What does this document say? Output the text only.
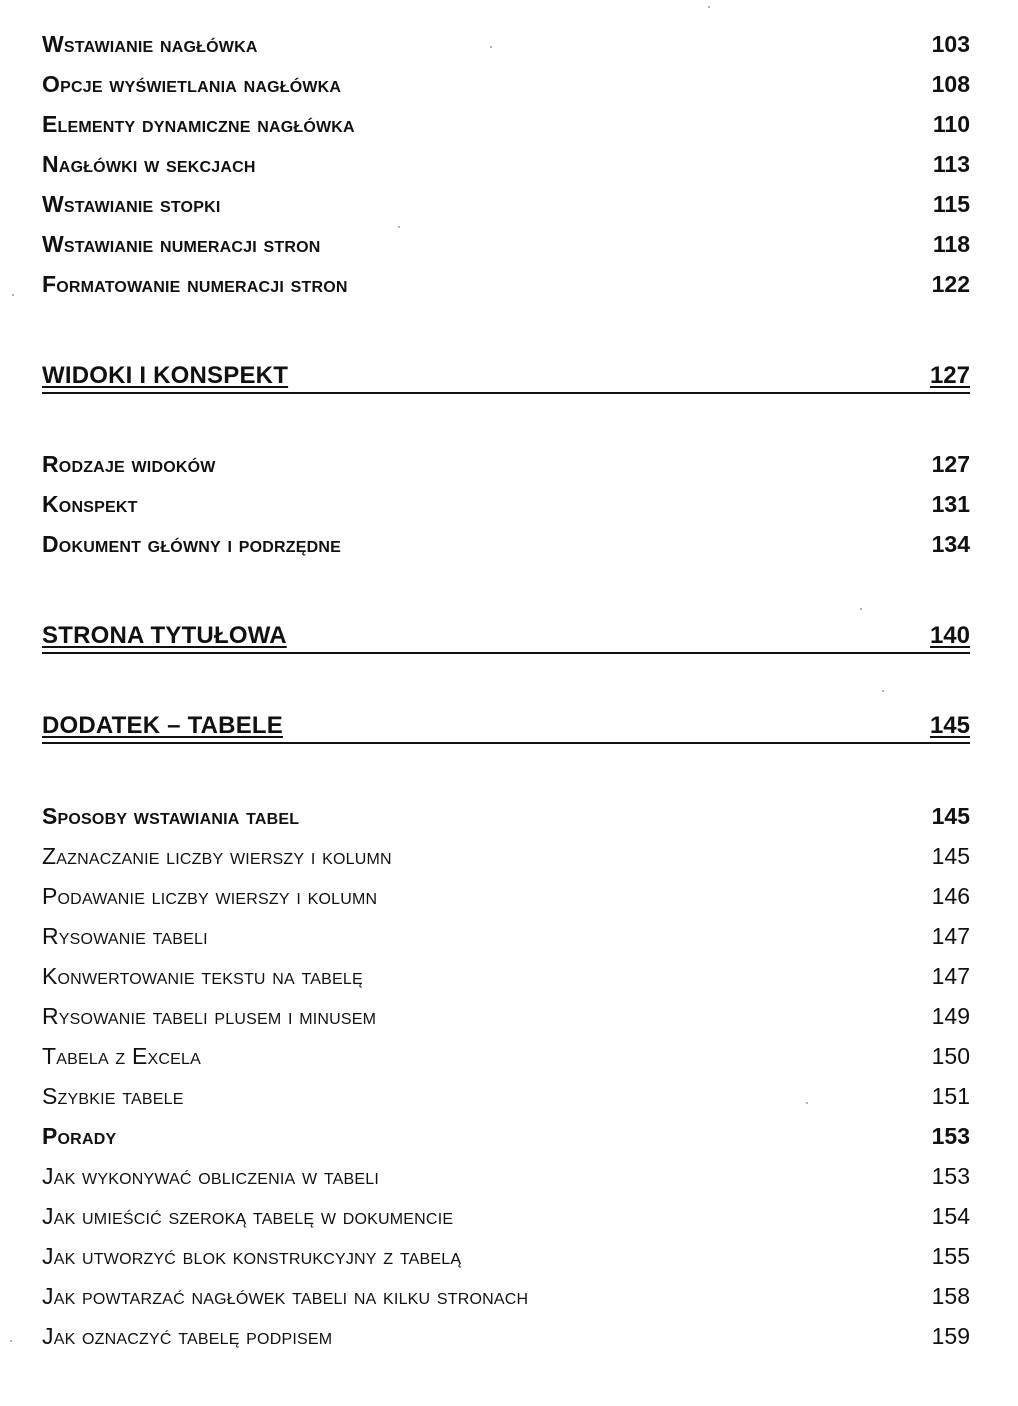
Wstawianie nagłówka	103
Opcje wyświetlania nagłówka	108
Elementy dynamiczne nagłówka	110
Nagłówki w sekcjach	113
Wstawianie stopki	115
Wstawianie numeracji stron	118
Formatowanie numeracji stron	122
WIDOKI I KONSPEKT	127
Rodzaje widoków	127
Konspekt	131
Dokument główny i podrzędne	134
STRONA TYTUŁOWA	140
DODATEK – TABELE	145
Sposoby wstawiania tabel	145
Zaznaczanie liczby wierszy i kolumn	145
Podawanie liczby wierszy i kolumn	146
Rysowanie tabeli	147
Konwertowanie tekstu na tabelę	147
Rysowanie tabeli plusem i minusem	149
Tabela z Excela	150
Szybkie tabele	151
Porady	153
Jak wykonywać obliczenia w tabeli	153
Jak umieścić szeroką tabelę w dokumencie	154
Jak utworzyć blok konstrukcyjny z tabelą	155
Jak powtarzać nagłówek tabeli na kilku stronach	158
Jak oznaczyć tabelę podpisem	159
